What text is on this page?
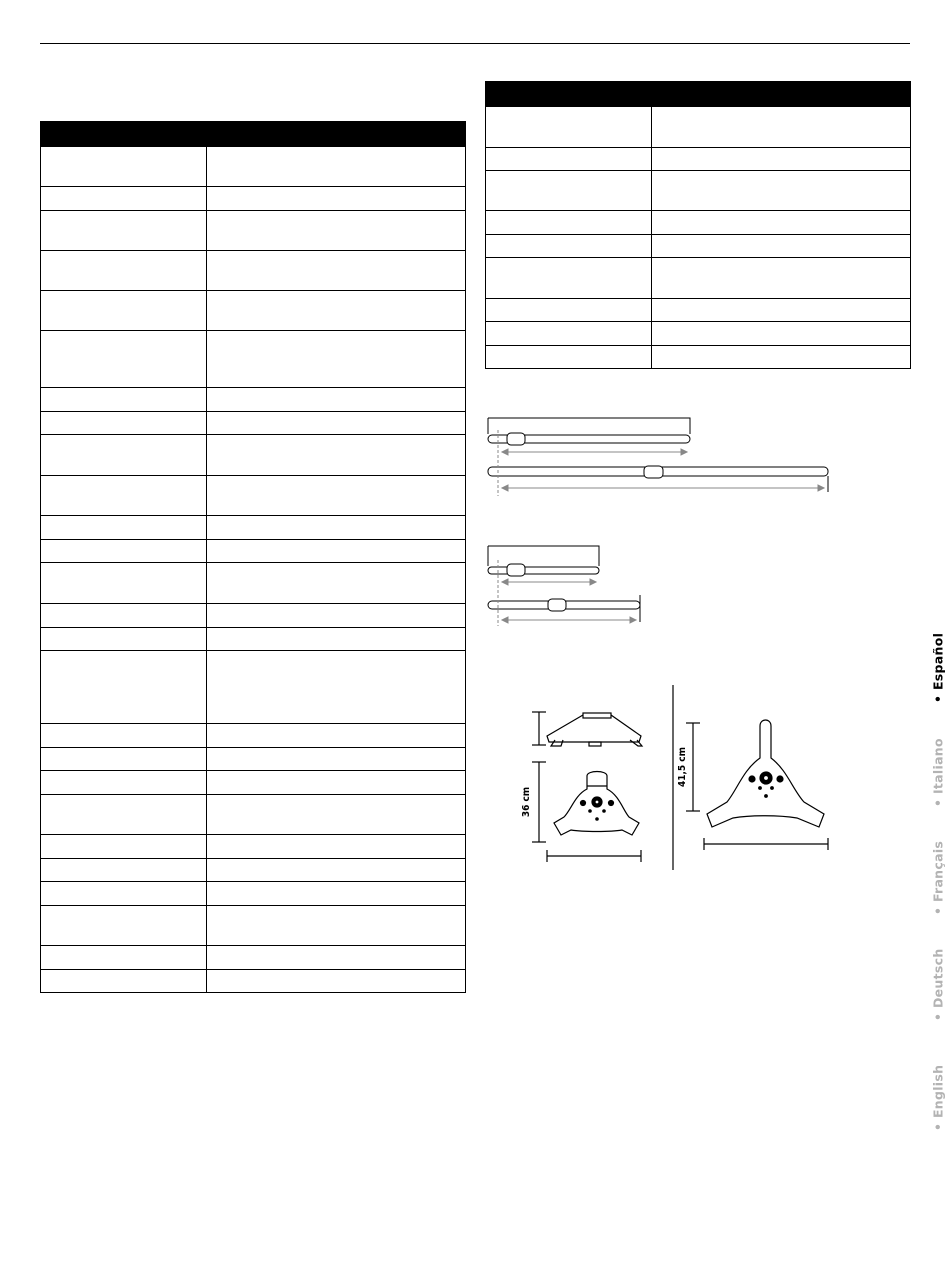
36 cm
41,5 cm
• English
• Deutsch
• Français
• Italiano
• Español
